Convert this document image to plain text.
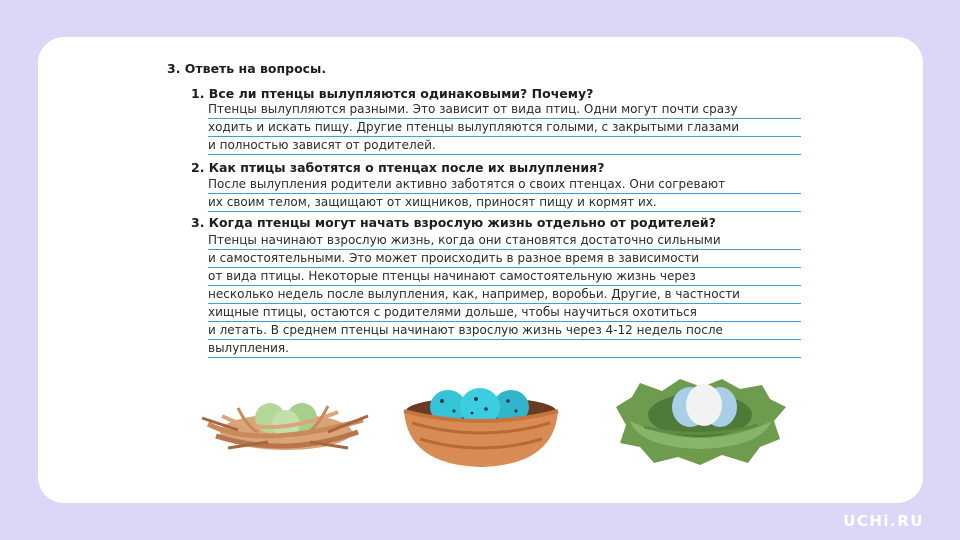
3. Ответь на вопросы.

1. Все ли птенцы вылупляются одинаковыми? Почему?

Птенцы вылупляются разными. Это зависит от вида птиц. Одни могут почти сразу
ходить и искать пищу. Другие птенцы вылупляются голыми, с закрытыми глазами
и полностью зависят от родителей.

2. Как птицы заботятся о птенцах после их вылупления?

После вылупления родители активно заботятся о своих птенцах. Они согревают
их своим телом, защищают от хищников, приносят пищу и кормят их.

3. Когда птенцы могут начать взрослую жизнь отдельно от родителей?

Птенцы начинают взрослую жизнь, когда они становятся достаточно сильными
и самостоятельными. Это может происходить в разное время в зависимости
от вида птицы. Некоторые птенцы начинают самостоятельную жизнь через
несколько недель после вылупления, как, например, воробьи. Другие, в частности
хищные птицы, остаются с родителями дольше, чтобы научиться охотиться
и летать. В среднем птенцы начинают взрослую жизнь через 4-12 недель после
вылупления.
UCHi.RU
